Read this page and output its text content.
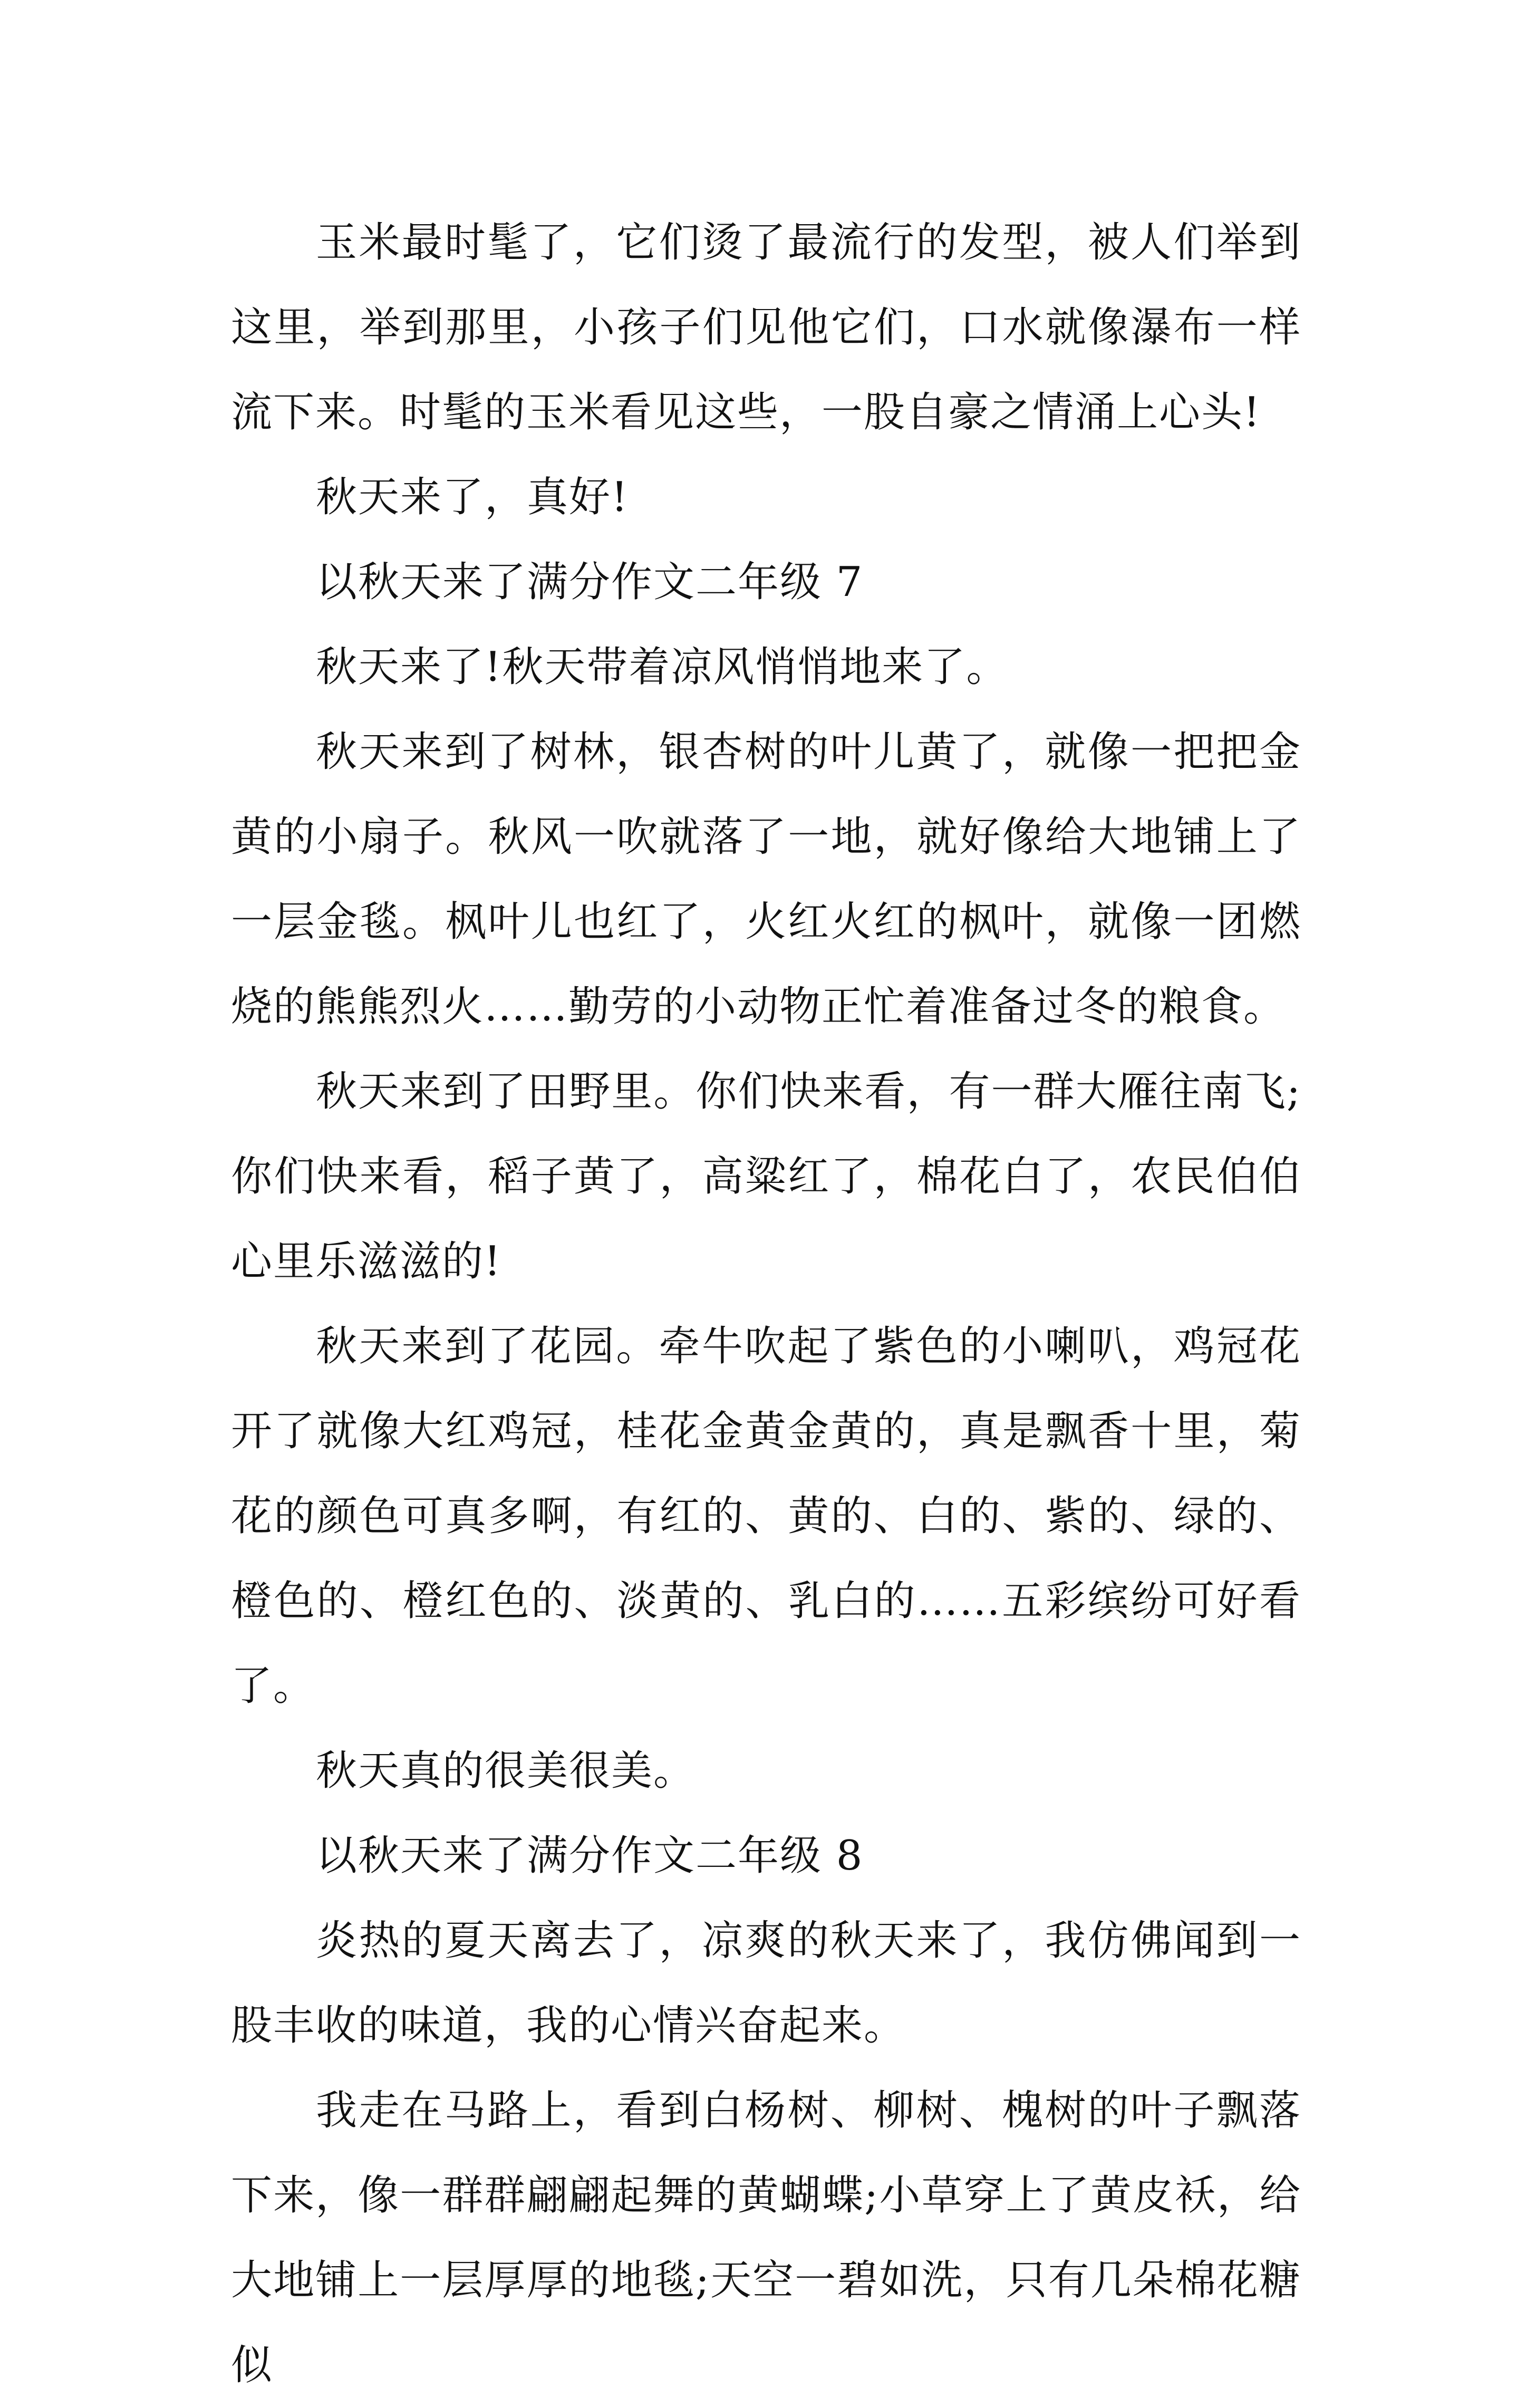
玉米最时髦了，它们烫了最流行的发型，被人们举到这里，举到那里，小孩子们见他它们，口水就像瀑布一样流下来。时髦的玉米看见这些，一股自豪之情涌上心头!

秋天来了，真好!

以秋天来了满分作文二年级 7

秋天来了!秋天带着凉风悄悄地来了。

秋天来到了树林，银杏树的叶儿黄了，就像一把把金黄的小扇子。秋风一吹就落了一地，就好像给大地铺上了一层金毯。枫叶儿也红了，火红火红的枫叶，就像一团燃烧的熊熊烈火……勤劳的小动物正忙着准备过冬的粮食。

秋天来到了田野里。你们快来看，有一群大雁往南飞;你们快来看，稻子黄了，高粱红了，棉花白了，农民伯伯心里乐滋滋的!

秋天来到了花园。牵牛吹起了紫色的小喇叭，鸡冠花开了就像大红鸡冠，桂花金黄金黄的，真是飘香十里，菊花的颜色可真多啊，有红的、黄的、白的、紫的、绿的、橙色的、橙红色的、淡黄的、乳白的……五彩缤纷可好看了。

秋天真的很美很美。

以秋天来了满分作文二年级 8

炎热的夏天离去了，凉爽的秋天来了，我仿佛闻到一股丰收的味道，我的心情兴奋起来。

我走在马路上，看到白杨树、柳树、槐树的叶子飘落下来，像一群群翩翩起舞的黄蝴蝶;小草穿上了黄皮袄，给大地铺上一层厚厚的地毯;天空一碧如洗，只有几朵棉花糖似
